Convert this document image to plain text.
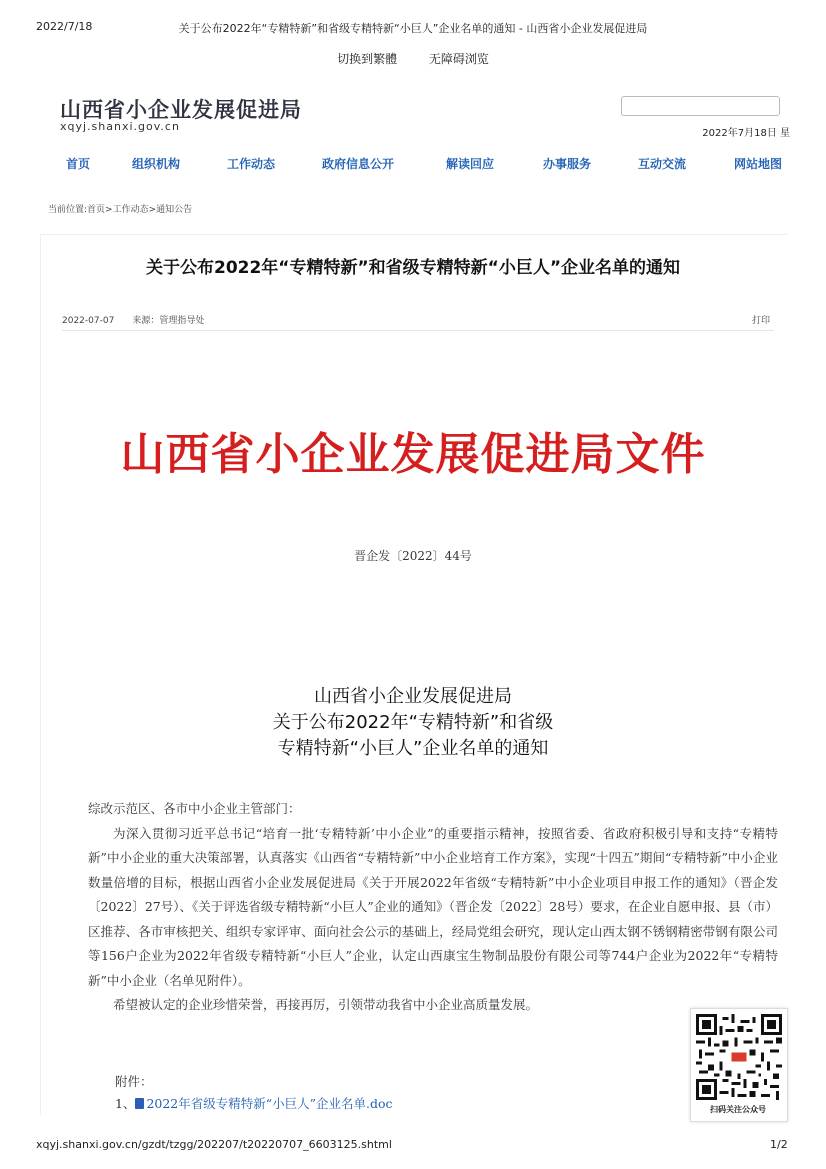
2022/7/18	关于公布2022年“专精特新”和省级专精特新“小巨人”企业名单的通知 - 山西省小企业发展促进局
切换到繁體	无障碍浏览
山西省小企业发展促进局
xqyj.shanxi.gov.cn
2022年7月18日 星
首页	组织机构	工作动态	政府信息公开	解读回应	办事服务	互动交流	网站地图
当前位置:首页>工作动态>通知公告
关于公布2022年“专精特新”和省级专精特新“小巨人”企业名单的通知
2022-07-07 来源：管理指导处	打印
山西省小企业发展促进局文件
晋企发〔2022〕44号
山西省小企业发展促进局
关于公布2022年“专精特新”和省级
专精特新“小巨人”企业名单的通知

综改示范区、各市中小企业主管部门：

为深入贯彻习近平总书记“培育一批‘专精特新’中小企业”的重要指示精神，按照省委、省政府积极引导和支持“专精特新”中小企业的重大决策部署，认真落实《山西省“专精特新”中小企业培育工作方案》，实现“十四五”期间“专精特新”中小企业数量倍增的目标，根据山西省小企业发展促进局《关于开展2022年省级“专精特新”中小企业项目申报工作的通知》（晋企发〔2022〕27号）、《关于评选省级专精特新“小巨人”企业的通知》（晋企发〔2022〕28号）要求，在企业自愿申报、县（市）区推荐、各市审核把关、组织专家评审、面向社会公示的基础上，经局党组会研究，现认定山西太钢不锈钢精密带钢有限公司等156户企业为2022年省级专精特新“小巨人”企业，认定山西康宝生物制品股份有限公司等744户企业为2022年“专精特新”中小企业（名单见附件）。

希望被认定的企业珍惜荣誉，再接再厉，引领带动我省中小企业高质量发展。

附件：
1、 2022年省级专精特新“小巨人”企业名单.doc	扫码关注公众号
xqyj.shanxi.gov.cn/gzdt/tzgg/202207/t20220707_6603125.shtml	1/2
